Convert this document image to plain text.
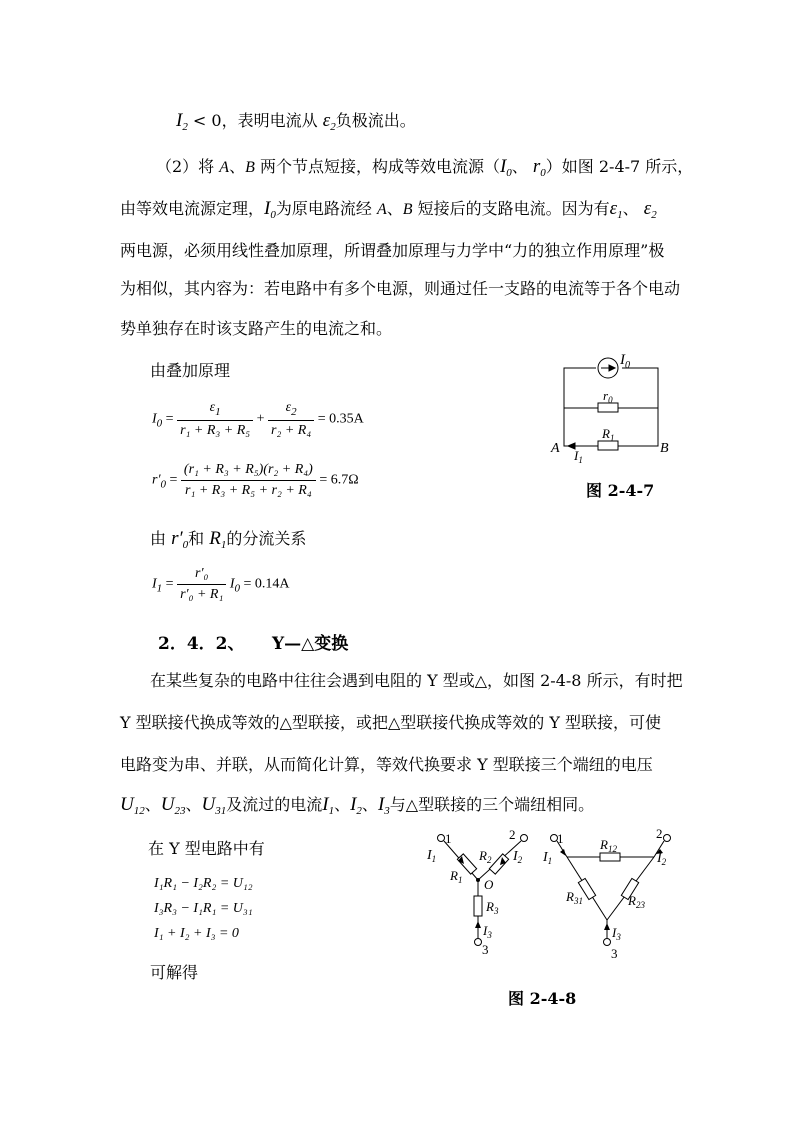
$I_2 < 0$，表明电流从 $\varepsilon_2$负极流出。
（2）将 A、B 两个节点短接，构成等效电流源（$I_0$、 $r_0$）如图 2-4-7 所示，
由等效电流源定理，$I_0$为原电路流经 A、B 短接后的支路电流。因为有$\varepsilon_1$、 $\varepsilon_2$
两电源，必须用线性叠加原理，所谓叠加原理与力学中“力的独立作用原理”极
为相似，其内容为：若电路中有多个电源，则通过任一支路的电流等于各个电动
势单独存在时该支路产生的电流之和。
由叠加原理
$I_0 = \frac{\varepsilon_1}{\text{r₁ + R₃ + R₅}} + \frac{\varepsilon_2}{\text{r₂ + R₄}} = 0.35A$
$r'_0 = \frac{\text{(r₁ + R₃ + R₅)(r₂ + R₄)}}{\text{r₁ + R₃ + R₅ + r₂ + R₄}} = 6.7\Omega$
由 $r'_0$和 $R_1$的分流关系
$I_1 = \frac{\text{r′₀}}{\text{r′₀ + R₁}} I_0 = 0.14A$
2．4．2、 Y—△变换
在某些复杂的电路中往往会遇到电阻的 Y 型或△，如图 2-4-8 所示，有时把
Y 型联接代换成等效的△型联接，或把△型联接代换成等效的 Y 型联接，可使
电路变为串、并联，从而简化计算，等效代换要求 Y 型联接三个端纽的电压
$U_{12}$、$U_{23}$、$U_{31}$及流过的电流$I_1$、$I_2$、$I_3$与△型联接的三个端纽相同。
在 Y 型电路中有
I₁R₁ − I₂R₂ = U₁₂
I₃R₃ − I₁R₁ = U₃₁
I₁ + I₂ + I₃ = 0
可解得
$I_0$
$r_0$
$R_1$
A	B
$I_1$
图 2-4-7
1	2
3
O
$I_1$	$I_2$
$R_1$
$R_2$
$R_3$
$I_3$
1	2
3
$I_1$	$I_2$
$R_{12}$
$R_{31}$	$R_{23}$
$I_3$
图 2-4-8
